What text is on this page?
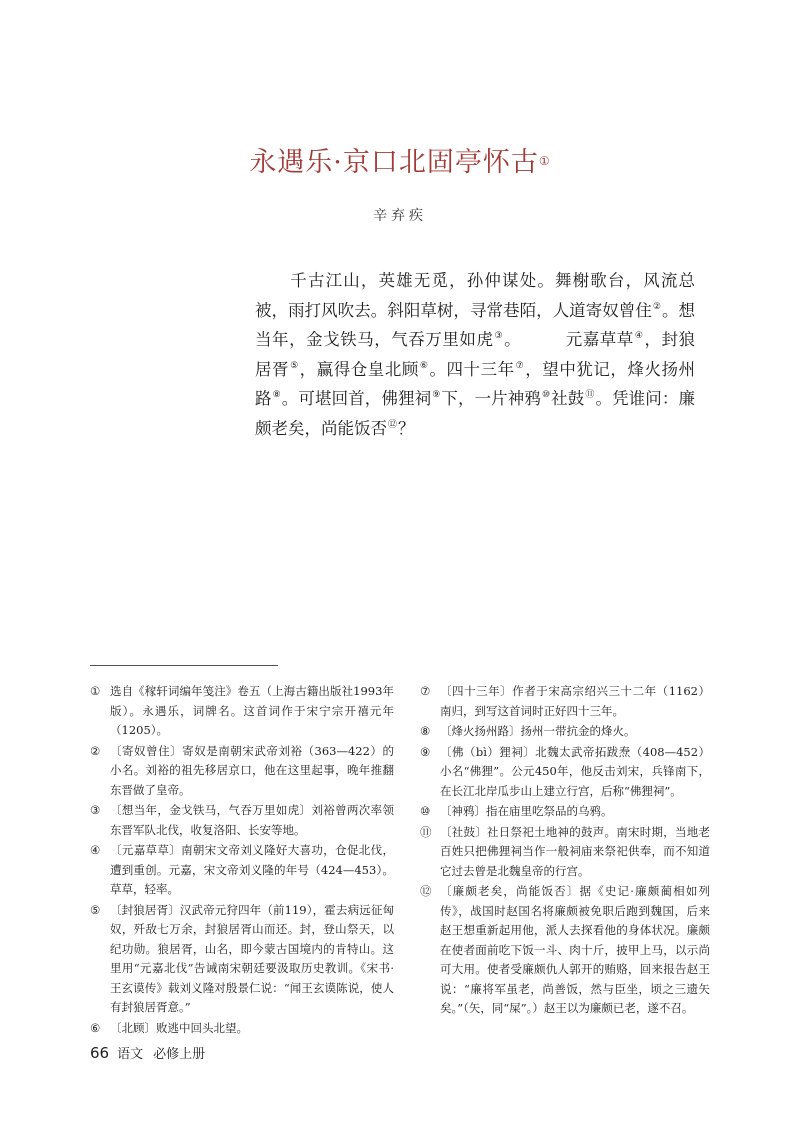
永遇乐·京口北固亭怀古①
辛弃疾

　　千古江山，英雄无觅，孙仲谋处。舞榭歌台，风流总被，雨打风吹去。斜阳草树，寻常巷陌，人道寄奴曾住②。想当年，金戈铁马，气吞万里如虎③。	元嘉草草④，封狼居胥⑤，赢得仓皇北顾⑥。四十三年⑦，望中犹记，烽火扬州路⑧。可堪回首，佛狸祠⑨下，一片神鸦⑩社鼓⑪。凭谁问：廉颇老矣，尚能饭否⑫？

① 选自《稼轩词编年笺注》卷五（上海古籍出版社1993年版）。永遇乐，词牌名。这首词作于宋宁宗开禧元年（1205）。
② 〔寄奴曾住〕寄奴是南朝宋武帝刘裕（363—422）的小名。刘裕的祖先移居京口，他在这里起事，晚年推翻东晋做了皇帝。
③ 〔想当年，金戈铁马，气吞万里如虎〕刘裕曾两次率领东晋军队北伐，收复洛阳、长安等地。
④ 〔元嘉草草〕南朝宋文帝刘义隆好大喜功，仓促北伐，遭到重创。元嘉，宋文帝刘义隆的年号（424—453）。草草，轻率。
⑤ 〔封狼居胥〕汉武帝元狩四年（前119），霍去病远征匈奴，歼敌七万余，封狼居胥山而还。封，登山祭天，以纪功勋。狼居胥，山名，即今蒙古国境内的肯特山。这里用“元嘉北伐”告诫南宋朝廷要汲取历史教训。《宋书·王玄谟传》载刘义隆对殷景仁说：“闻王玄谟陈说，使人有封狼居胥意。”
⑥ 〔北顾〕败逃中回头北望。
⑦ 〔四十三年〕作者于宋高宗绍兴三十二年（1162）南归，到写这首词时正好四十三年。
⑧ 〔烽火扬州路〕扬州一带抗金的烽火。
⑨ 〔佛（bì）狸祠〕北魏太武帝拓跋焘（408—452）小名“佛狸”。公元450年，他反击刘宋，兵锋南下，在长江北岸瓜步山上建立行宫，后称“佛狸祠”。
⑩ 〔神鸦〕指在庙里吃祭品的乌鸦。
⑪ 〔社鼓〕社日祭祀土地神的鼓声。南宋时期，当地老百姓只把佛狸祠当作一般祠庙来祭祀供奉，而不知道它过去曾是北魏皇帝的行宫。
⑫ 〔廉颇老矣，尚能饭否〕据《史记·廉颇蔺相如列传》，战国时赵国名将廉颇被免职后跑到魏国，后来赵王想重新起用他，派人去探看他的身体状况。廉颇在使者面前吃下饭一斗、肉十斤，披甲上马，以示尚可大用。使者受廉颇仇人郭开的贿赂，回来报告赵王说：“廉将军虽老，尚善饭，然与臣坐，顷之三遗矢矣。”（矢，同“屎”。）赵王以为廉颇已老，遂不召。
66 语文 必修上册
